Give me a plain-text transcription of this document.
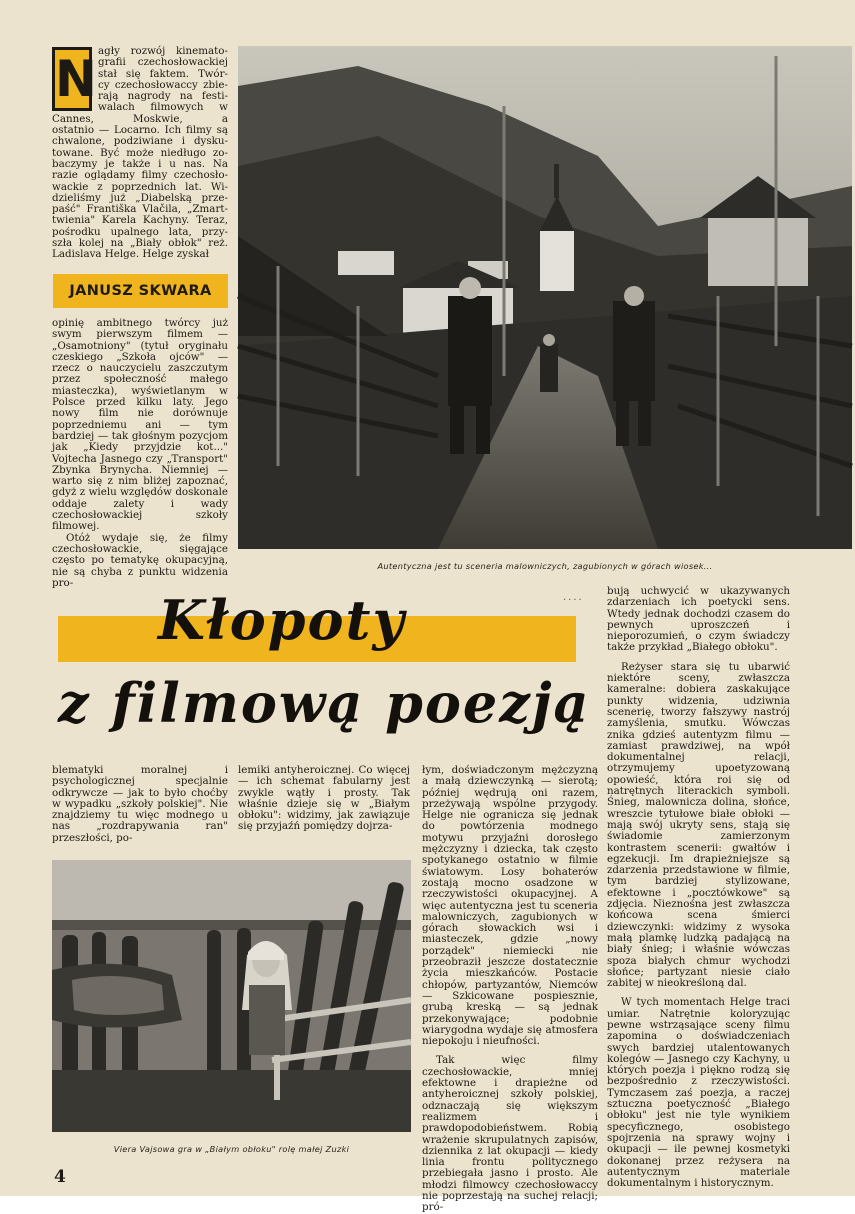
N agły rozwój kinemato-
grafii czechosłowackiej
stał się faktem. Twór-
cy czechosłowaccy zbie-
rają nagrody na festi-
walach filmowych w
Cannes, Moskwie, a
ostatnio — Locarno. Ich filmy są
chwalone, podziwiane i dysku-
towane. Być może niedługo zo-
baczymy je także i u nas. Na
razie oglądamy filmy czechosło-
wackie z poprzednich lat. Wi-
dzieliśmy już „Diabelską prze-
paść" Františka Vlačila, „Zmart-
twienia" Karela Kachyny. Teraz,
pośrodku upalnego lata, przy-
szła kolej na „Biały obłok" reż.
Ladislava Helge. Helge zyskał
JANUSZ SKWARA

opinię ambitnego twórcy już swym pierwszym filmem — „Osamotniony" (tytuł oryginału czeskiego „Szkoła ojców" — rzecz o nauczycielu zaszczutym przez społeczność małego miasteczka), wyświetlanym w Polsce przed kilku laty. Jego nowy film nie dorównuje poprzedniemu ani — tym bardziej — tak głośnym pozycjom jak „Kiedy przyjdzie kot..." Vojtecha Jasnego czy „Transport" Zbynka Brynycha. Niemniej — warto się z nim bliżej zapoznać, gdyż z wielu względów doskonale oddaje zalety i wady czechosłowackiej szkoły filmowej.

Otóż wydaje się, że filmy czechosłowackie, sięgające często po tematykę okupacyjną, nie są chyba z punktu widzenia pro-

Autentyczna jest tu sceneria malowniczych, zagubionych w górach wiosek...

bują uchwycić w ukazywanych zdarzeniach ich poetycki sens. Wtedy jednak dochodzi czasem do pewnych uproszczeń i nieporozumień, o czym świadczy także przykład „Białego obłoku".

Reżyser stara się tu ubarwić niektóre sceny, zwłaszcza kameralne: dobiera zaskakujące punkty widzenia, udziwnia scenerię, tworzy fałszywy nastrój zamyślenia, smutku. Wówczas znika gdzieś autentyzm filmu — zamiast prawdziwej, na wpół dokumentalnej relacji, otrzymujemy upoetyzowaną opowieść, która roi się od natrętnych literackich symboli. Śnieg, malownicza dolina, słońce, wreszcie tytułowe białe obłoki — mają swój ukryty sens, stają się świadomie zamierzonym kontrastem scenerii: gwałtów i egzekucji. Im drapieżniejsze są zdarzenia przedstawione w filmie, tym bardziej stylizowane, efektowne i „pocztówkowe" są zdjęcia. Nieznośna jest zwłaszcza końcowa scena śmierci dziewczynki: widzimy z wysoka małą plamkę ludzką padającą na biały śnieg; i właśnie wówczas spoza białych chmur wychodzi słońce; partyzant niesie ciało zabitej w nieokreśloną dal.

W tych momentach Helge traci umiar. Natrętnie koloryzując pewne wstrząsające sceny filmu zapomina o doświadczeniach swych bardziej utalentowanych kolegów — Jasnego czy Kachyny, u których poezja i piękno rodzą się bezpośrednio z rzeczywistości. Tymczasem zaś poezja, a raczej sztuczna poetyczność „Białego obłoku" jest nie tyle wynikiem specyficznego, osobistego spojrzenia na sprawy wojny i okupacji — ile pewnej kosmetyki dokonanej przez reżysera na autentycznym materiale dokumentalnym i historycznym.

....
Kłopoty
z filmową poezją

blematyki moralnej i psychologicznej specjalnie odkrywcze — jak to było choćby w wypadku „szkoły polskiej". Nie znajdziemy tu więc modnego u nas „rozdrapywania ran" przeszłości, po-

lemiki antyheroicznej. Co więcej — ich schemat fabularny jest zwykle wątły i prosty. Tak właśnie dzieje się w „Białym obłoku": widzimy, jak zawiązuje się przyjaźń pomiędzy dojrza-

łym, doświadczonym mężczyzną a małą dziewczynką — sierotą; później wędrują oni razem, przeżywają wspólne przygody. Helge nie ogranicza się jednak do powtórzenia modnego motywu przyjaźni dorosłego mężczyzny i dziecka, tak często spotykanego ostatnio w filmie światowym. Losy bohaterów zostają mocno osadzone w rzeczywistości okupacyjnej. A więc autentyczna jest tu sceneria malowniczych, zagubionych w górach słowackich wsi i miasteczek, gdzie „nowy porządek" niemiecki nie przeobraził jeszcze dostatecznie życia mieszkańców. Postacie chłopów, partyzantów, Niemców — Szkicowane pospiesznie, grubą kreską — są jednak przekonywające; podobnie wiarygodna wydaje się atmosfera niepokoju i nieufności.

Tak więc filmy czechosłowackie, mniej efektowne i drapieżne od antyheroicznej szkoły polskiej, odznaczają się większym realizmem i prawdopodobieństwem. Robią wrażenie skrupulatnych zapisów, dziennika z lat okupacji — kiedy linia frontu politycznego przebiegała jasno i prosto. Ale młodzi filmowcy czechosłowaccy nie poprzestają na suchej relacji; pró-

Viera Vajsowa gra w „Białym obłoku" rolę małej Zuzki
4
